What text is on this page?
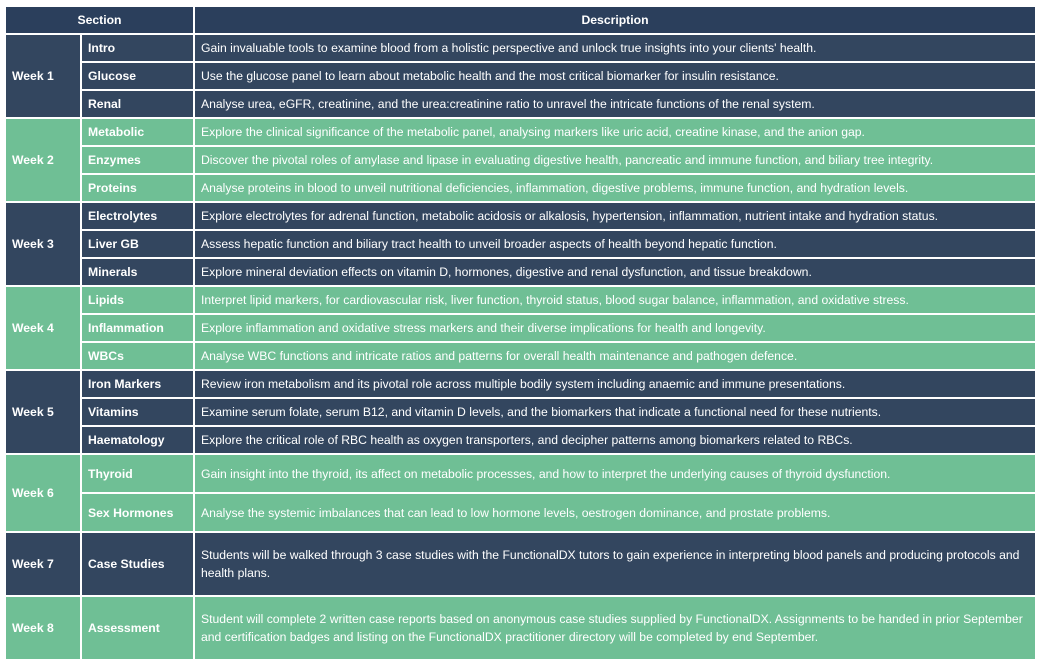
Section		Description
Week 1	Intro	Gain invaluable tools to examine blood from a holistic perspective and unlock true insights into your clients' health.
	Glucose	Use the glucose panel to learn about metabolic health and the most critical biomarker for insulin resistance.
	Renal	Analyse urea, eGFR, creatinine, and the urea:creatinine ratio to unravel the intricate functions of the renal system.
Week 2	Metabolic	Explore the clinical significance of the metabolic panel, analysing markers like uric acid, creatine kinase, and the anion gap.
	Enzymes	Discover the pivotal roles of amylase and lipase in evaluating digestive health, pancreatic and immune function, and biliary tree integrity.
	Proteins	Analyse proteins in blood to unveil nutritional deficiencies, inflammation, digestive problems, immune function, and hydration levels.
Week 3	Electrolytes	Explore electrolytes for adrenal function, metabolic acidosis or alkalosis, hypertension, inflammation, nutrient intake and hydration status.
	Liver GB	Assess hepatic function and biliary tract health to unveil broader aspects of health beyond hepatic function.
	Minerals	Explore mineral deviation effects on vitamin D, hormones, digestive and renal dysfunction, and tissue breakdown.
Week 4	Lipids	Interpret lipid markers, for cardiovascular risk, liver function, thyroid status, blood sugar balance, inflammation, and oxidative stress.
	Inflammation	Explore inflammation and oxidative stress markers and their diverse implications for health and longevity.
	WBCs	Analyse WBC functions and intricate ratios and patterns for overall health maintenance and pathogen defence.
Week 5	Iron Markers	Review iron metabolism and its pivotal role across multiple bodily system including anaemic and immune presentations.
	Vitamins	Examine serum folate, serum B12, and vitamin D levels, and the biomarkers that indicate a functional need for these nutrients.
	Haematology	Explore the critical role of RBC health as oxygen transporters, and decipher patterns among biomarkers related to RBCs.
Week 6	Thyroid	Gain insight into the thyroid, its affect on metabolic processes, and how to interpret the underlying causes of thyroid dysfunction.
	Sex Hormones	Analyse the systemic imbalances that can lead to low hormone levels, oestrogen dominance, and prostate problems.
Week 7	Case Studies	Students will be walked through 3 case studies with the FunctionalDX tutors to gain experience in interpreting blood panels and producing protocols and health plans.
Week 8	Assessment	Student will complete 2 written case reports based on anonymous case studies supplied by FunctionalDX. Assignments to be handed in prior September and certification badges and listing on the FunctionalDX practitioner directory will be completed by end September.
